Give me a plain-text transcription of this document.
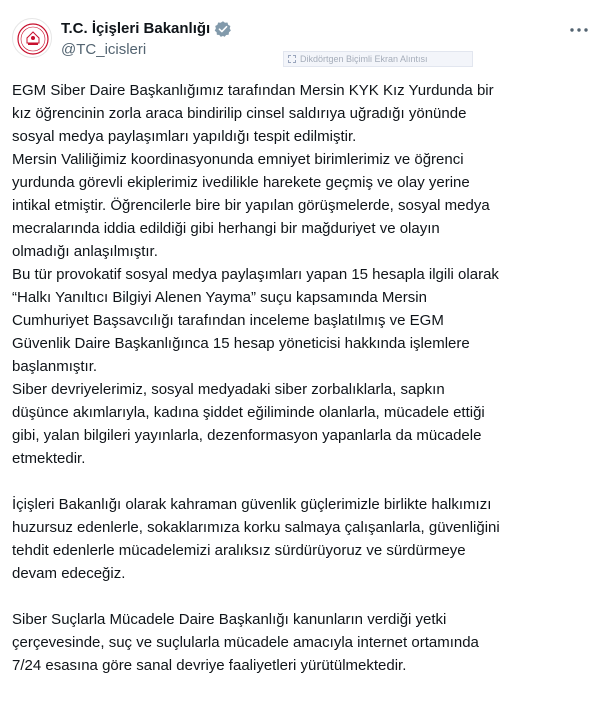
T.C. İçişleri Bakanlığı
@TC_icisleri
Dikdörtgen Biçimli Ekran Alıntısı
EGM Siber Daire Başkanlığımız tarafından Mersin KYK Kız Yurdunda bir
kız öğrencinin zorla araca bindirilip cinsel saldırıya uğradığı yönünde
sosyal medya paylaşımları yapıldığı tespit edilmiştir.
Mersin Valiliğimiz koordinasyonunda emniyet birimlerimiz ve öğrenci
yurdunda görevli ekiplerimiz ivedilikle harekete geçmiş ve olay yerine
intikal etmiştir. Öğrencilerle bire bir yapılan görüşmelerde, sosyal medya
mecralarında iddia edildiği gibi herhangi bir mağduriyet ve olayın
olmadığı anlaşılmıştır.
Bu tür provokatif sosyal medya paylaşımları yapan 15 hesapla ilgili olarak
“Halkı Yanıltıcı Bilgiyi Alenen Yayma” suçu kapsamında Mersin
Cumhuriyet Başsavcılığı tarafından inceleme başlatılmış ve EGM
Güvenlik Daire Başkanlığınca 15 hesap yöneticisi hakkında işlemlere
başlanmıştır.
Siber devriyelerimiz, sosyal medyadaki siber zorbalıklarla, sapkın
düşünce akımlarıyla, kadına şiddet eğiliminde olanlarla, mücadele ettiği
gibi, yalan bilgileri yayınlarla, dezenformasyon yapanlarla da mücadele
etmektedir.
İçişleri Bakanlığı olarak kahraman güvenlik güçlerimizle birlikte halkımızı
huzursuz edenlerle, sokaklarımıza korku salmaya çalışanlarla, güvenliğini
tehdit edenlerle mücadelemizi aralıksız sürdürüyoruz ve sürdürmeye
devam edeceğiz.
Siber Suçlarla Mücadele Daire Başkanlığı kanunların verdiği yetki
çerçevesinde, suç ve suçlularla mücadele amacıyla internet ortamında
7/24 esasına göre sanal devriye faaliyetleri yürütülmektedir.
